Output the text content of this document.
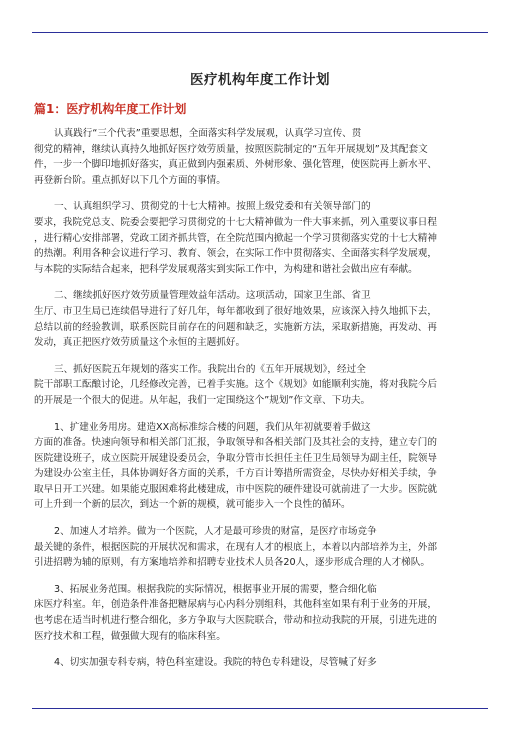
医疗机构年度工作计划
篇1：医疗机构年度工作计划
认真践行“三个代表”重要思想，全面落实科学发展观，认真学习宣传、贯
彻党的精神，继续认真持久地抓好医疗效劳质量，按照医院制定的“五年开展规划”及其配套文
件，一步一个脚印地抓好落实，真正做到内强素质、外树形象、强化管理，使医院再上新水平、
再登新台阶。重点抓好以下几个方面的事情。
一、认真组织学习、贯彻党的十七大精神。按照上级党委和有关领导部门的
要求，我院党总支、院委会要把学习贯彻党的十七大精神做为一件大事来抓，列入重要议事日程
，进行精心安排部署，党政工团齐抓共管，在全院范围内掀起一个学习贯彻落实党的十七大精神
的热潮。利用各种会议进行学习、教育、领会，在实际工作中贯彻落实、全面落实科学发展观，
与本院的实际结合起来，把科学发展观落实到实际工作中，为构建和谐社会做出应有奉献。
二、继续抓好医疗效劳质量管理效益年活动。这项活动，国家卫生部、省卫
生厅、市卫生局已连续倡导进行了好几年，每年都收到了很好地效果，应该深入持久地抓下去，
总结以前的经验教训，联系医院目前存在的问题和缺乏，实施新方法，采取新措施，再发动、再
发动，真正把医疗效劳质量这个永恒的主题抓好。
三、抓好医院五年规划的落实工作。我院出台的《五年开展规划》，经过全
院干部职工酝酿讨论，几经修改完善，已着手实施。这个《规划》如能顺利实施，将对我院今后
的开展是一个很大的促进。从年起，我们一定围绕这个”规划”作文章、下功夫。
1、扩建业务用房。建造XX高标准综合楼的问题，我们从年初就要着手做这
方面的准备。快速向领导和相关部门汇报，争取领导和各相关部门及其社会的支持，建立专门的
医院建设班子，成立医院开展建设委员会，争取分管市长担任主任卫生局领导为副主任，院领导
为建设办公室主任，具体协调好各方面的关系，千方百计筹措所需资金，尽快办好相关手续，争
取早日开工兴建。如果能克服困难将此楼建成，市中医院的硬件建设可就前进了一大步。医院就
可上升到一个新的层次，到达一个新的规模，就可能步入一个良性的循环。
2、加速人才培养。做为一个医院，人才是最可珍贵的财富，是医疗市场竞争
最关键的条件，根据医院的开展状况和需求，在现有人才的根底上，本着以内部培养为主，外部
引进招聘为辅的原则，有方案地培养和招聘专业技术人员各20人，逐步形成合理的人才梯队。
3、拓展业务范围。根据我院的实际情况，根据事业开展的需要，整合细化临
床医疗科室。年，创造条件准备把糖尿病与心内科分别组科，其他科室如果有利于业务的开展，
也考虑在适当时机进行整合细化，多方争取与大医院联合，带动和拉动我院的开展，引进先进的
医疗技术和工程，做强做大现有的临床科室。
4、切实加强专科专病，特色科室建设。我院的特色专科建设，尽管喊了好多
